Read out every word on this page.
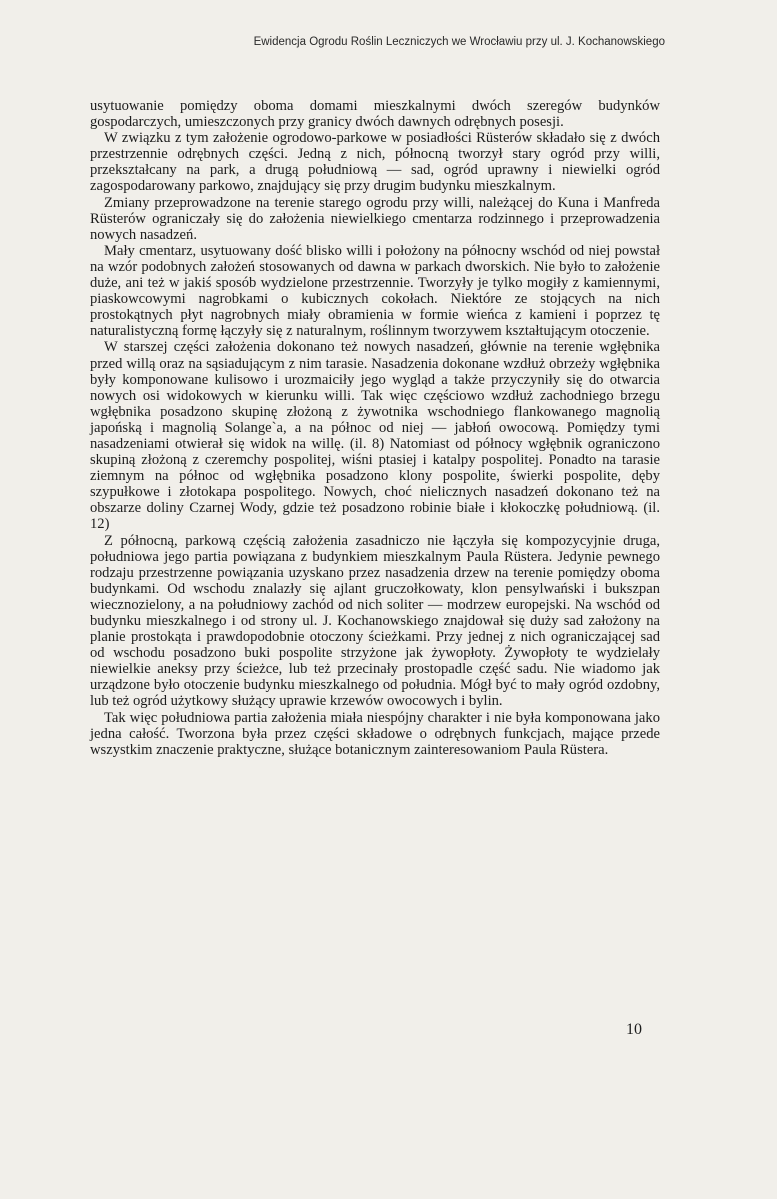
Ewidencja Ogrodu Roślin Leczniczych we Wrocławiu przy ul. J. Kochanowskiego

usytuowanie pomiędzy oboma domami mieszkalnymi dwóch szeregów budynków gospodarczych, umieszczonych przy granicy dwóch dawnych odrębnych posesji.

W związku z tym założenie ogrodowo-parkowe w posiadłości Rüsterów składało się z dwóch przestrzennie odrębnych części. Jedną z nich, północną tworzył stary ogród przy willi, przekształcany na park, a drugą południową — sad, ogród uprawny i niewielki ogród zagospodarowany parkowo, znajdujący się przy drugim budynku mieszkalnym.

Zmiany przeprowadzone na terenie starego ogrodu przy willi, należącej do Kuna i Manfreda Rüsterów ograniczały się do założenia niewielkiego cmentarza rodzinnego i przeprowadzenia nowych nasadzeń.

Mały cmentarz, usytuowany dość blisko willi i położony na północny wschód od niej powstał na wzór podobnych założeń stosowanych od dawna w parkach dworskich. Nie było to założenie duże, ani też w jakiś sposób wydzielone przestrzennie. Tworzyły je tylko mogiły z kamiennymi, piaskowcowymi nagrobkami o kubicznych cokołach. Niektóre ze stojących na nich prostokątnych płyt nagrobnych miały obramienia w formie wieńca z kamieni i poprzez tę naturalistyczną formę łączyły się z naturalnym, roślinnym tworzywem kształtującym otoczenie.

W starszej części założenia dokonano też nowych nasadzeń, głównie na terenie wgłębnika przed willą oraz na sąsiadującym z nim tarasie. Nasadzenia dokonane wzdłuż obrzeży wgłębnika były komponowane kulisowo i urozmaiciły jego wygląd a także przyczyniły się do otwarcia nowych osi widokowych w kierunku willi. Tak więc częściowo wzdłuż zachodniego brzegu wgłębnika posadzono skupinę złożoną z żywotnika wschodniego flankowanego magnolią japońską i magnolią Solange`a, a na północ od niej — jabłoń owocową. Pomiędzy tymi nasadzeniami otwierał się widok na willę. (il. 8) Natomiast od północy wgłębnik ograniczono skupiną złożoną z czeremchy pospolitej, wiśni ptasiej i katalpy pospolitej. Ponadto na tarasie ziemnym na północ od wgłębnika posadzono klony pospolite, świerki pospolite, dęby szypułkowe i złotokapa pospolitego. Nowych, choć nielicznych nasadzeń dokonano też na obszarze doliny Czarnej Wody, gdzie też posadzono robinie białe i kłokoczkę południową. (il. 12)

Z północną, parkową częścią założenia zasadniczo nie łączyła się kompozycyjnie druga, południowa jego partia powiązana z budynkiem mieszkalnym Paula Rüstera. Jedynie pewnego rodzaju przestrzenne powiązania uzyskano przez nasadzenia drzew na terenie pomiędzy oboma budynkami. Od wschodu znalazły się ajlant gruczołkowaty, klon pensylwański i bukszpan wiecznozielony, a na południowy zachód od nich soliter — modrzew europejski. Na wschód od budynku mieszkalnego i od strony ul. J. Kochanowskiego znajdował się duży sad założony na planie prostokąta i prawdopodobnie otoczony ścieżkami. Przy jednej z nich ograniczającej sad od wschodu posadzono buki pospolite strzyżone jak żywopłoty. Żywopłoty te wydzielały niewielkie aneksy przy ścieżce, lub też przecinały prostopadle część sadu. Nie wiadomo jak urządzone było otoczenie budynku mieszkalnego od południa. Mógł być to mały ogród ozdobny, lub też ogród użytkowy służący uprawie krzewów owocowych i bylin.

Tak więc południowa partia założenia miała niespójny charakter i nie była komponowana jako jedna całość. Tworzona była przez części składowe o odrębnych funkcjach, mające przede wszystkim znaczenie praktyczne, służące botanicznym zainteresowaniom Paula Rüstera.

10
